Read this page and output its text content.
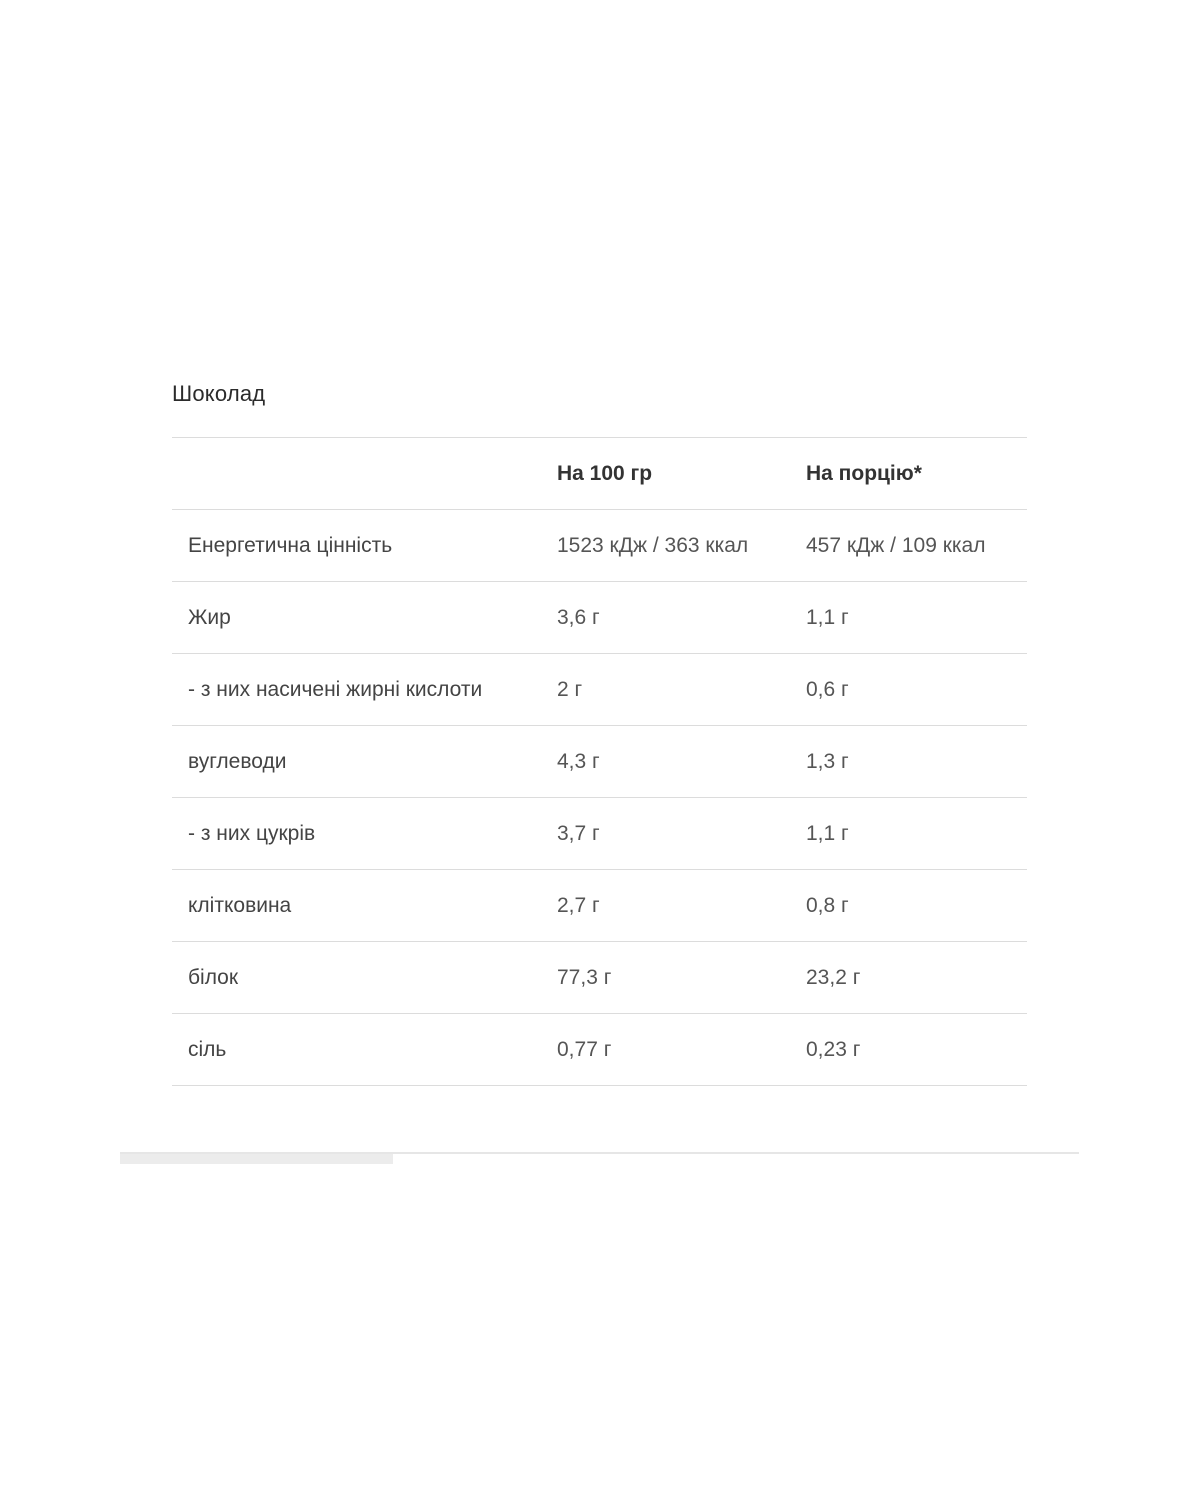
Шоколад
	На 100 гр	На порцію*
Енергетична цінність	1523 кДж / 363 ккал	457 кДж / 109 ккал
Жир	3,6 г	1,1 г
- з них насичені жирні кислоти	2 г	0,6 г
вуглеводи	4,3 г	1,3 г
- з них цукрів	3,7 г	1,1 г
клітковина	2,7 г	0,8 г
білок	77,3 г	23,2 г
сіль	0,77 г	0,23 г
